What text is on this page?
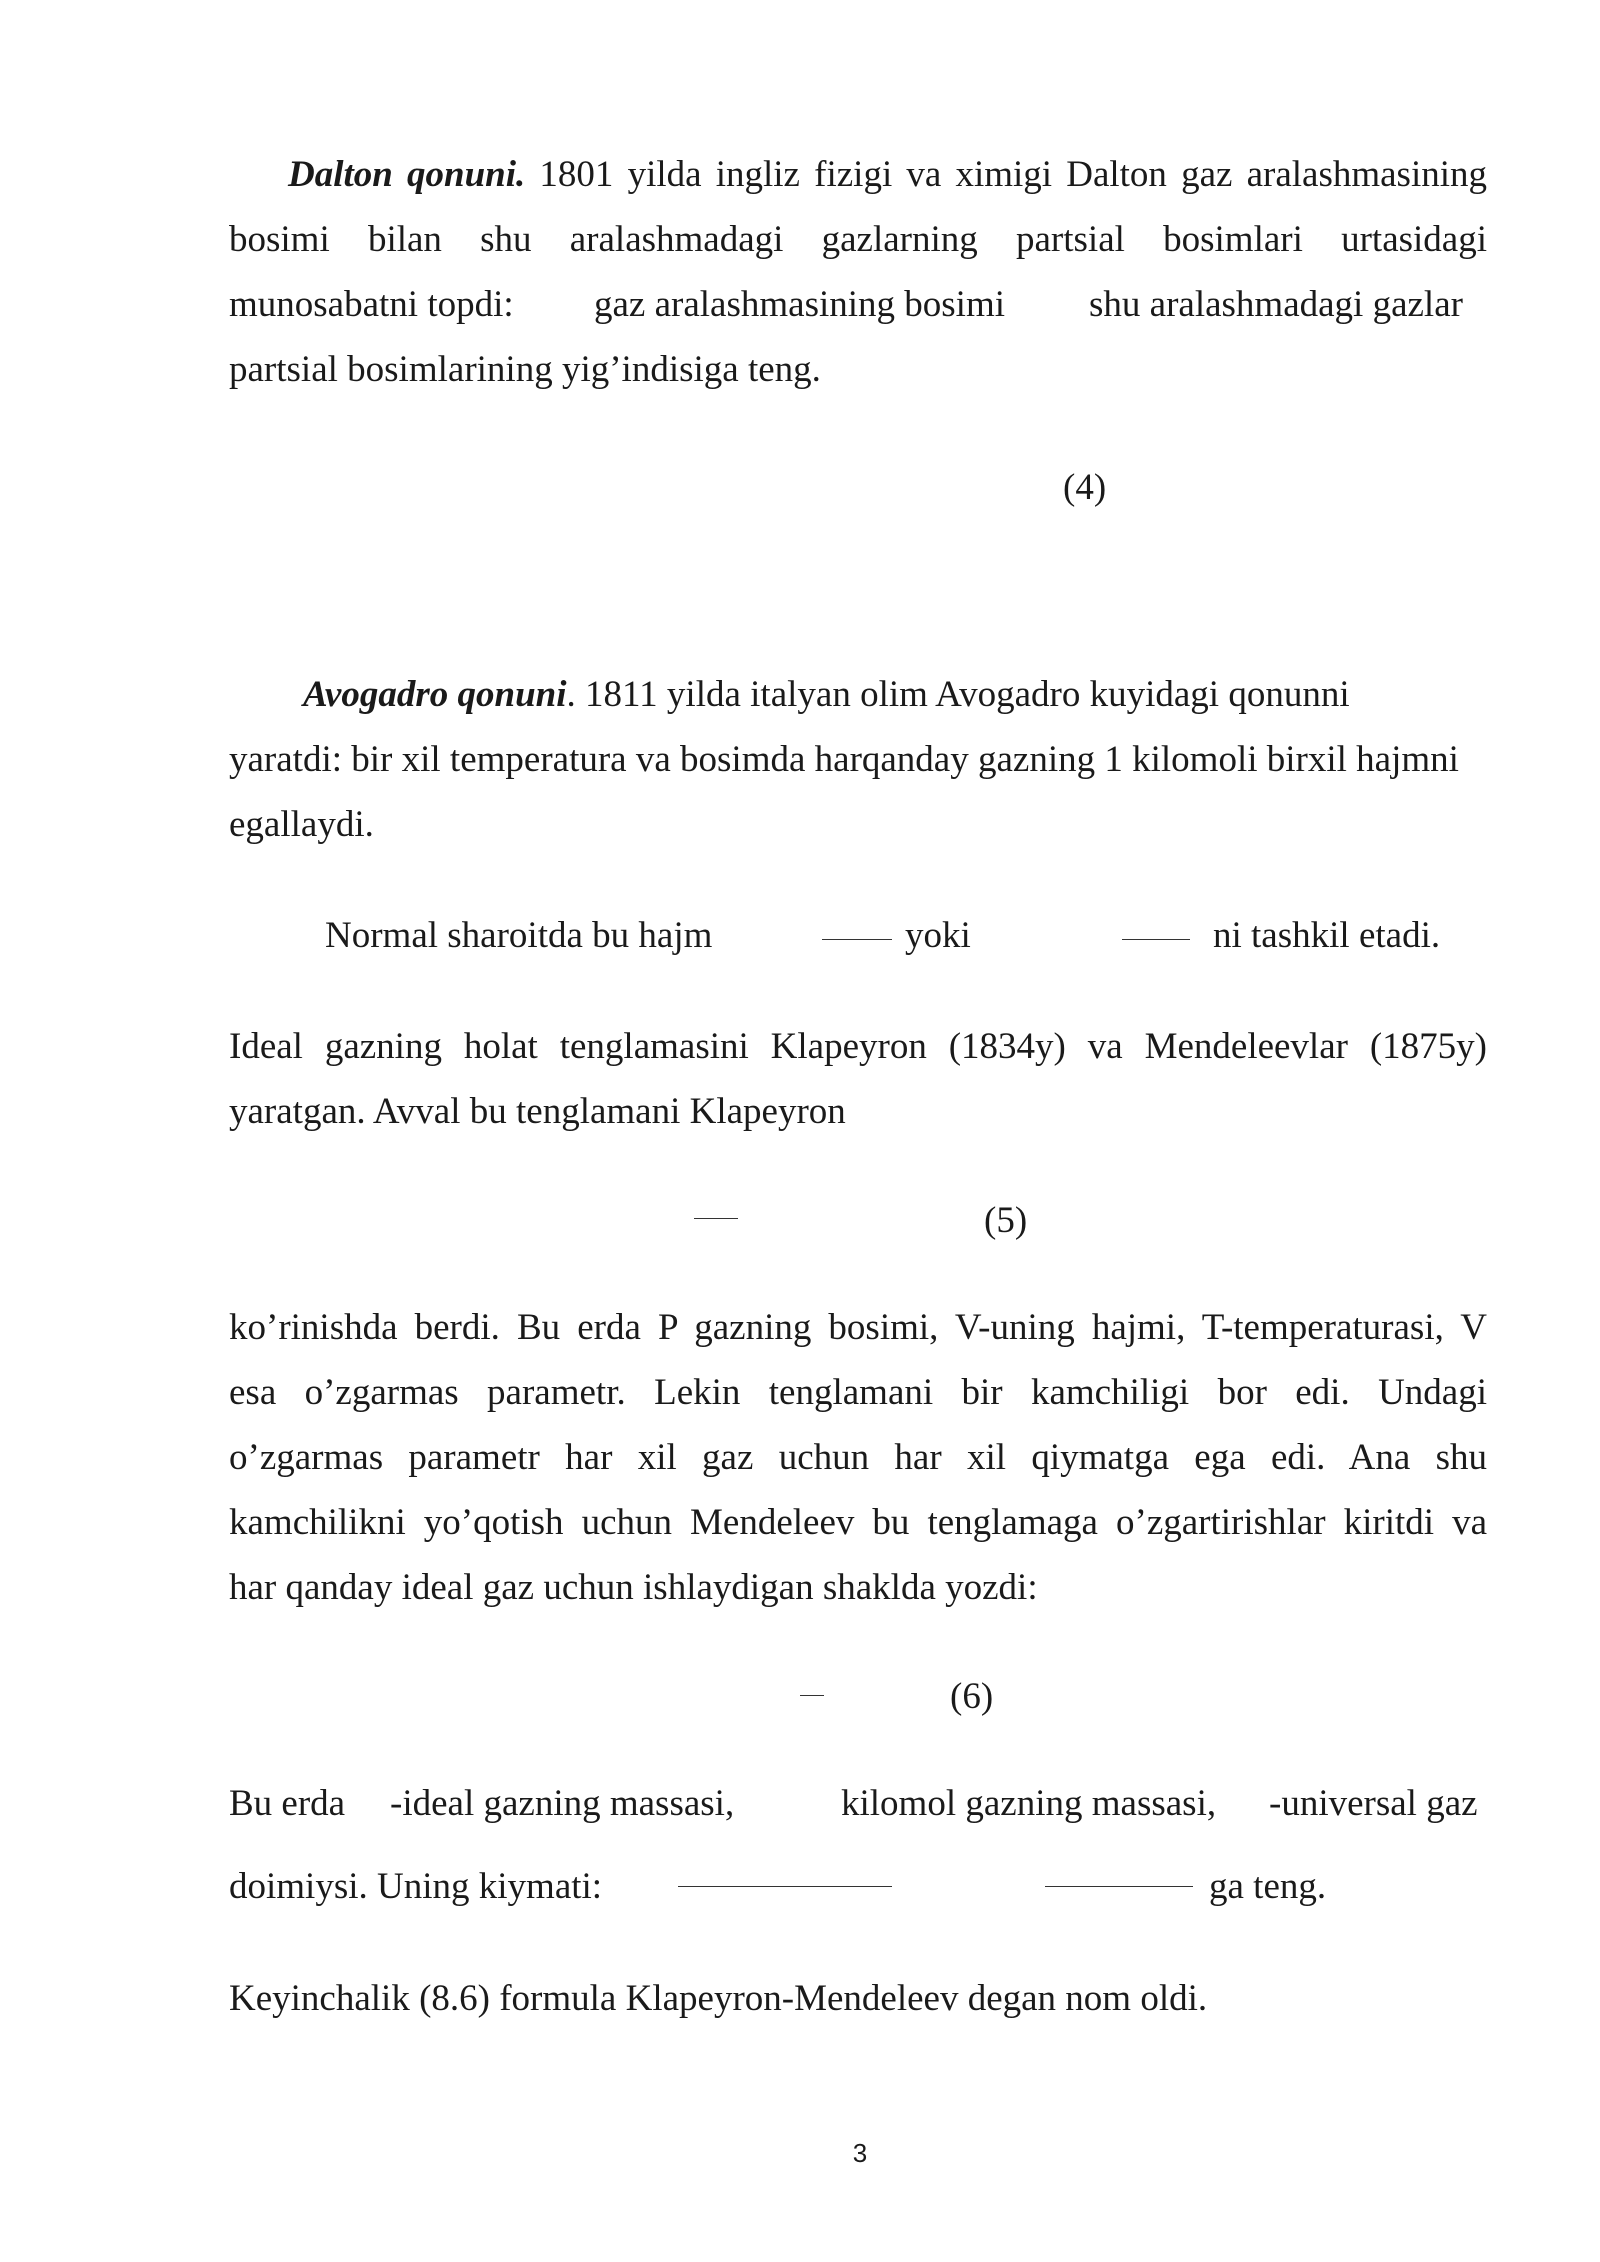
Dalton qonuni. 1801 yilda ingliz fizigi va ximigi Dalton gaz aralashmasining
bosimi bilan shu aralashmadagi gazlarning partsial bosimlari urtasidagi
munosabatni topdi: gaz aralashmasining bosimi shu aralashmadagi gazlar
partsial bosimlarining yig’indisiga teng.
(4)
Avogadro qonuni. 1811 yilda italyan olim Avogadro kuyidagi qonunni
yaratdi: bir xil temperatura va bosimda harqanday gazning 1 kilomoli birxil hajmni
egallaydi.
Normal sharoitda bu hajm	yoki	ni tashkil etadi.
Ideal gazning holat tenglamasini Klapeyron (1834y) va Mendeleevlar (1875y)
yaratgan. Avval bu tenglamani Klapeyron
(5)
ko’rinishda berdi. Bu erda P gazning bosimi, V-uning hajmi, T-temperaturasi, V
esa o’zgarmas parametr. Lekin tenglamani bir kamchiligi bor edi. Undagi
o’zgarmas parametr har xil gaz uchun har xil qiymatga ega edi. Ana shu
kamchilikni yo’qotish uchun Mendeleev bu tenglamaga o’zgartirishlar kiritdi va
har qanday ideal gaz uchun ishlaydigan shaklda yozdi:
(6)
Bu erda -ideal gazning massasi,	kilomol gazning massasi, -universal gaz
doimiysi. Uning kiymati:	ga teng.
Keyinchalik (8.6) formula Klapeyron-Mendeleev degan nom oldi.
3
